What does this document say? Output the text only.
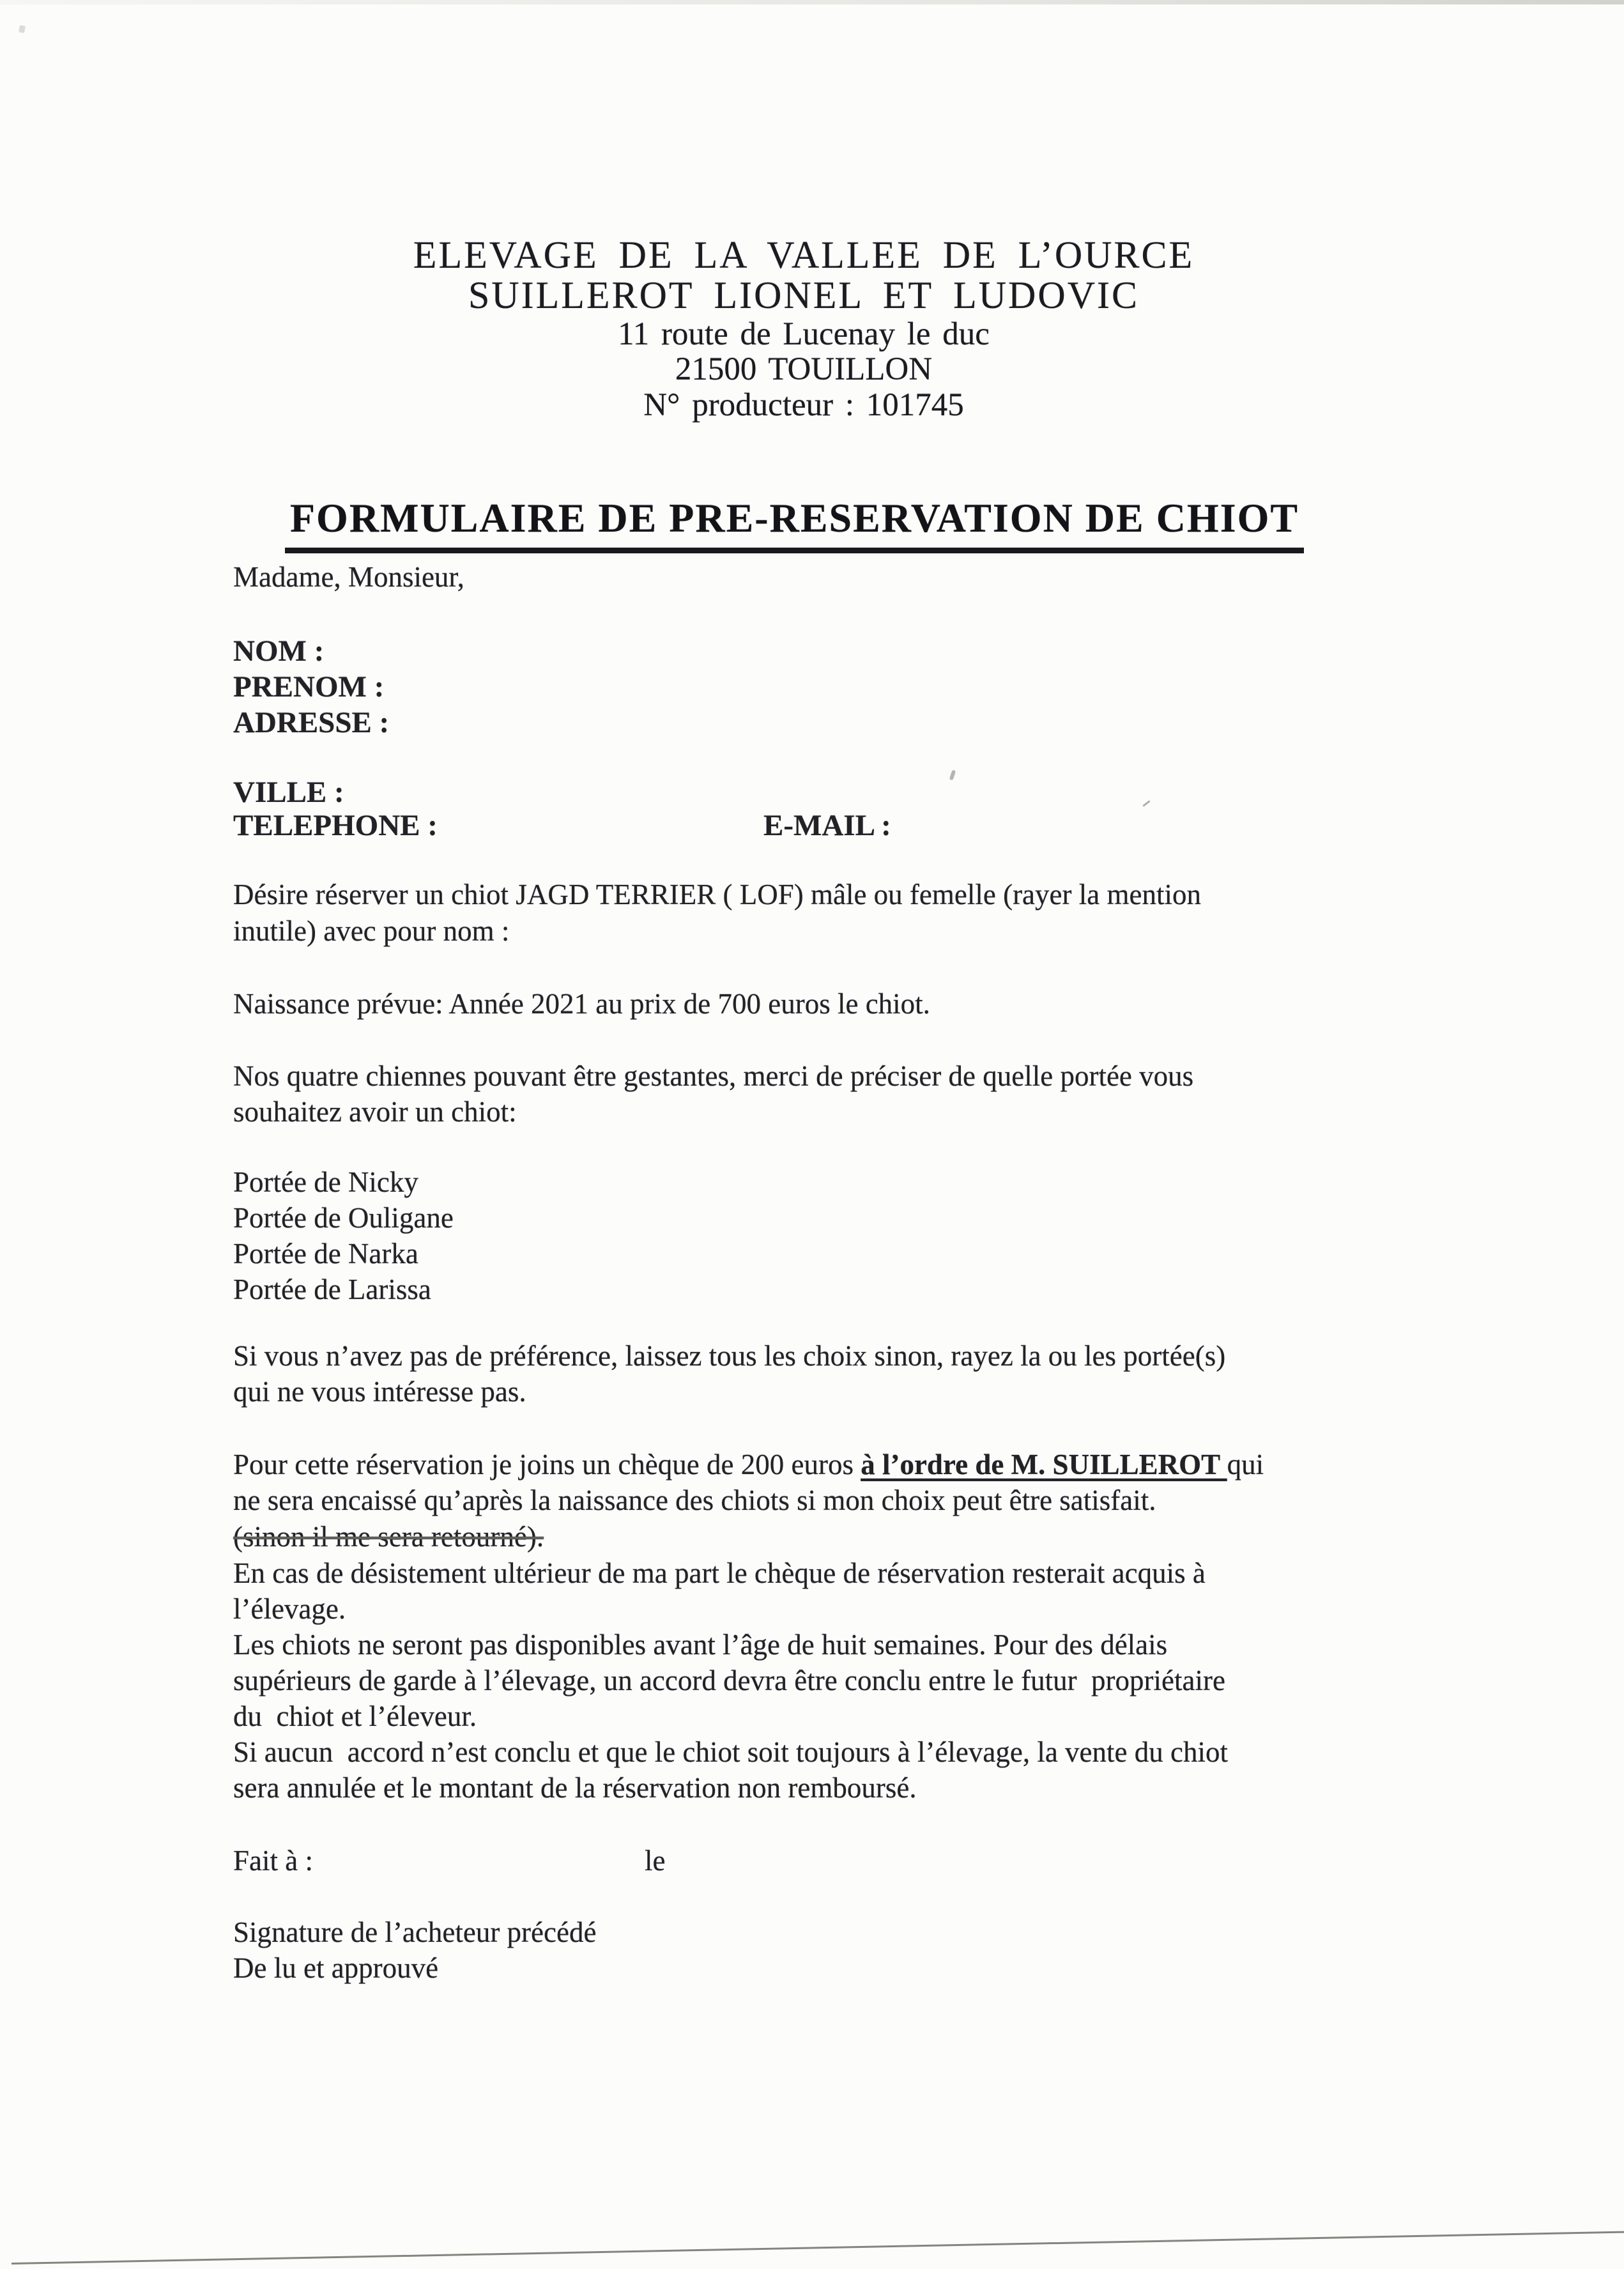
ELEVAGE DE LA VALLEE DE L’OURCE
SUILLEROT LIONEL ET LUDOVIC
11 route de Lucenay le duc
21500 TOUILLON
N° producteur : 101745

FORMULAIRE DE PRE-RESERVATION DE CHIOT

Madame, Monsieur,
NOM :
PRENOM :
ADRESSE :
VILLE :
TELEPHONE :	E-MAIL :
Désire réserver un chiot JAGD TERRIER ( LOF) mâle ou femelle (rayer la mention
inutile) avec pour nom :
Naissance prévue: Année 2021 au prix de 700 euros le chiot.
Nos quatre chiennes pouvant être gestantes, merci de préciser de quelle portée vous
souhaitez avoir un chiot:
Portée de Nicky
Portée de Ouligane
Portée de Narka
Portée de Larissa
Si vous n’avez pas de préférence, laissez tous les choix sinon, rayez la ou les portée(s)
qui ne vous intéresse pas.
Pour cette réservation je joins un chèque de 200 euros à l’ordre de M. SUILLEROT qui
ne sera encaissé qu’après la naissance des chiots si mon choix peut être satisfait.
(sinon il me sera retourné).
En cas de désistement ultérieur de ma part le chèque de réservation resterait acquis à
l’élevage.
Les chiots ne seront pas disponibles avant l’âge de huit semaines. Pour des délais
supérieurs de garde à l’élevage, un accord devra être conclu entre le futur  propriétaire
du  chiot et l’éleveur.
Si aucun  accord n’est conclu et que le chiot soit toujours à l’élevage, la vente du chiot
sera annulée et le montant de la réservation non remboursé.
Fait à :	le
Signature de l’acheteur précédé
De lu et approuvé
